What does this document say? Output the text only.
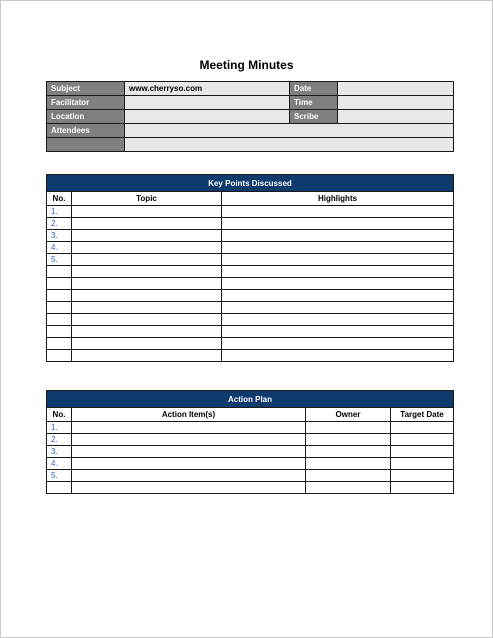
Meeting Minutes
Subject	www.cherryso.com	Date	
Facilitator		Time	
Location		Scribe	
Attendees			

Key Points Discussed		
No.	Topic	Highlights
1.		
2.		
3.		
4.		
5.		

Action Plan			
No.	Action Item(s)	Owner	Target Date
1.			
2.			
3.			
4.			
5.			
